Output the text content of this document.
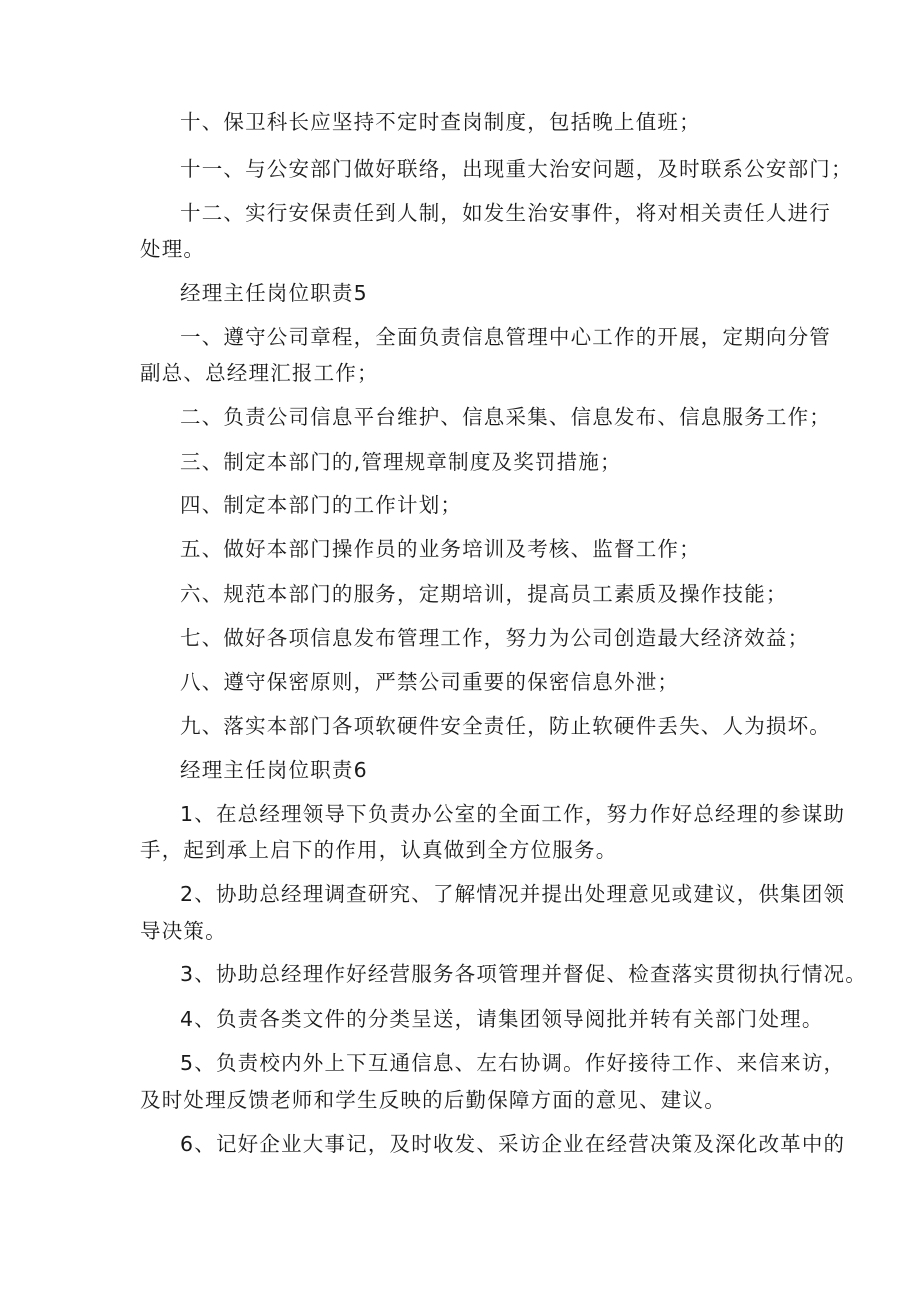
十、保卫科长应坚持不定时查岗制度，包括晚上值班；
十一、与公安部门做好联络，出现重大治安问题，及时联系公安部门；
十二、实行安保责任到人制，如发生治安事件，将对相关责任人进行
处理。
经理主任岗位职责5
一、遵守公司章程，全面负责信息管理中心工作的开展，定期向分管
副总、总经理汇报工作；
二、负责公司信息平台维护、信息采集、信息发布、信息服务工作；
三、制定本部门的,管理规章制度及奖罚措施；
四、制定本部门的工作计划；
五、做好本部门操作员的业务培训及考核、监督工作；
六、规范本部门的服务，定期培训，提高员工素质及操作技能；
七、做好各项信息发布管理工作，努力为公司创造最大经济效益；
八、遵守保密原则，严禁公司重要的保密信息外泄；
九、落实本部门各项软硬件安全责任，防止软硬件丢失、人为损坏。
经理主任岗位职责6
1、在总经理领导下负责办公室的全面工作，努力作好总经理的参谋助
手，起到承上启下的作用，认真做到全方位服务。
2、协助总经理调查研究、了解情况并提出处理意见或建议，供集团领
导决策。
3、协助总经理作好经营服务各项管理并督促、检查落实贯彻执行情况。
4、负责各类文件的分类呈送，请集团领导阅批并转有关部门处理。
5、负责校内外上下互通信息、左右协调。作好接待工作、来信来访，
及时处理反馈老师和学生反映的后勤保障方面的意见、建议。
6、记好企业大事记，及时收发、采访企业在经营决策及深化改革中的
